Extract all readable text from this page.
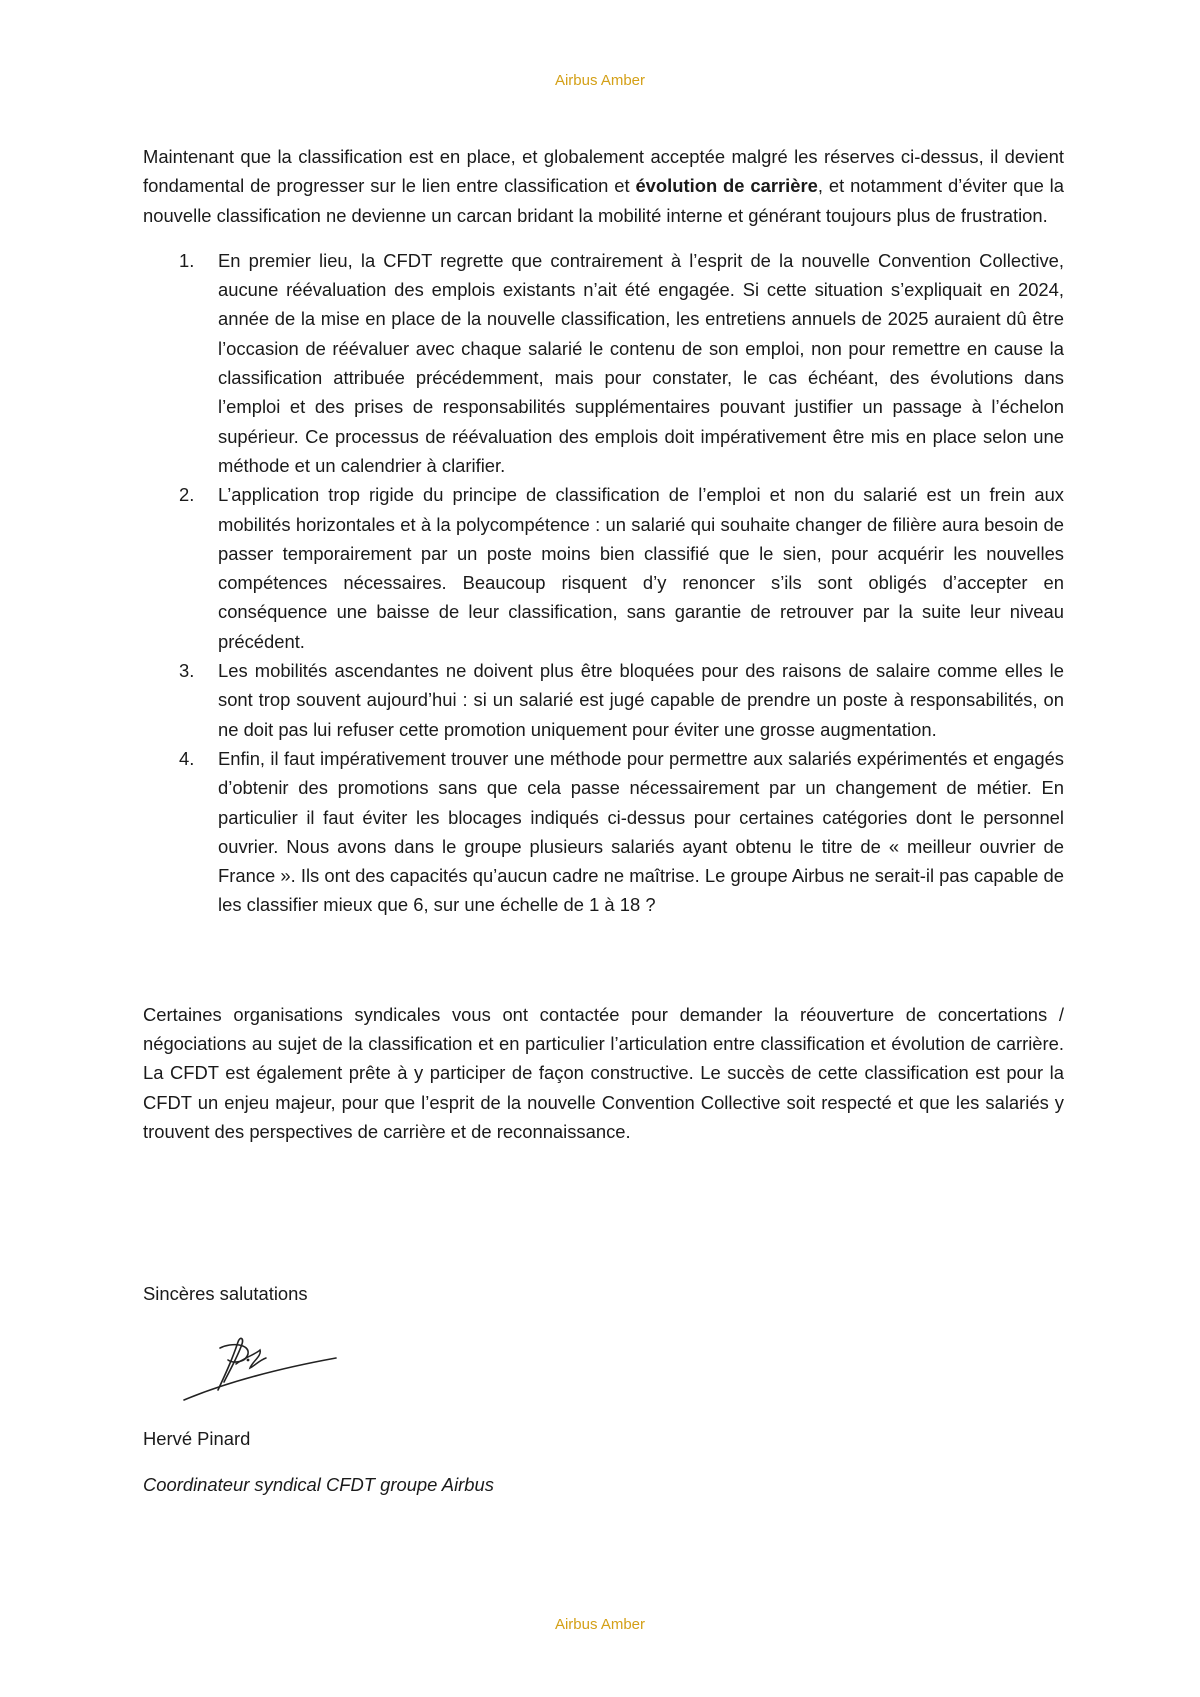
Airbus Amber

Maintenant que la classification est en place, et globalement acceptée malgré les réserves ci-dessus, il devient fondamental de progresser sur le lien entre classification et évolution de carrière, et notamment d’éviter que la nouvelle classification ne devienne un carcan bridant la mobilité interne et générant toujours plus de frustration.

1. En premier lieu, la CFDT regrette que contrairement à l’esprit de la nouvelle Convention Collective, aucune réévaluation des emplois existants n’ait été engagée. Si cette situation s’expliquait en 2024, année de la mise en place de la nouvelle classification, les entretiens annuels de 2025 auraient dû être l’occasion de réévaluer avec chaque salarié le contenu de son emploi, non pour remettre en cause la classification attribuée précédemment, mais pour constater, le cas échéant, des évolutions dans l’emploi et des prises de responsabilités supplémentaires pouvant justifier un passage à l’échelon supérieur. Ce processus de réévaluation des emplois doit impérativement être mis en place selon une méthode et un calendrier à clarifier.
2. L’application trop rigide du principe de classification de l’emploi et non du salarié est un frein aux mobilités horizontales et à la polycompétence : un salarié qui souhaite changer de filière aura besoin de passer temporairement par un poste moins bien classifié que le sien, pour acquérir les nouvelles compétences nécessaires. Beaucoup risquent d’y renoncer s’ils sont obligés d’accepter en conséquence une baisse de leur classification, sans garantie de retrouver par la suite leur niveau précédent.
3. Les mobilités ascendantes ne doivent plus être bloquées pour des raisons de salaire comme elles le sont trop souvent aujourd’hui : si un salarié est jugé capable de prendre un poste à responsabilités, on ne doit pas lui refuser cette promotion uniquement pour éviter une grosse augmentation.
4. Enfin, il faut impérativement trouver une méthode pour permettre aux salariés expérimentés et engagés d’obtenir des promotions sans que cela passe nécessairement par un changement de métier. En particulier il faut éviter les blocages indiqués ci-dessus pour certaines catégories dont le personnel ouvrier. Nous avons dans le groupe plusieurs salariés ayant obtenu le titre de « meilleur ouvrier de France ». Ils ont des capacités qu’aucun cadre ne maîtrise. Le groupe Airbus ne serait-il pas capable de les classifier mieux que 6, sur une échelle de 1 à 18 ?

Certaines organisations syndicales vous ont contactée pour demander la réouverture de concertations / négociations au sujet de la classification et en particulier l’articulation entre classification et évolution de carrière. La CFDT est également prête à y participer de façon constructive. Le succès de cette classification est pour la CFDT un enjeu majeur, pour que l’esprit de la nouvelle Convention Collective soit respecté et que les salariés y trouvent des perspectives de carrière et de reconnaissance.

Sincères salutations
Hervé Pinard
Coordinateur syndical CFDT groupe Airbus
Airbus Amber
